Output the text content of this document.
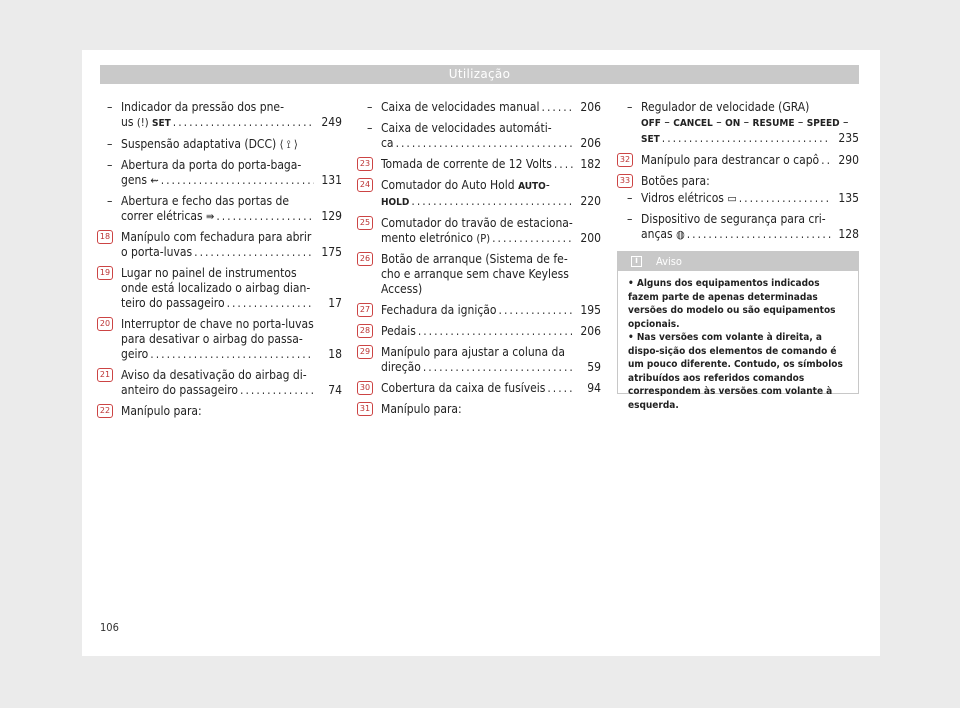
Utilização
– Indicador da pressão dos pne-
us (!) SET .....	249
– Suspensão adaptativa (DCC) ⟨ ⟟ ⟩
– Abertura da porta do porta-baga-
gens ⇜ .....	131
– Abertura e fecho das portas de
correr elétricas ⇛ .....	129
18 Manípulo com fechadura para abrir
o porta-luvas .....	175
19 Lugar no painel de instrumentos
onde está localizado o airbag dian-
teiro do passageiro .....	17
20 Interruptor de chave no porta-luvas
para desativar o airbag do passa-
geiro .....	18
21 Aviso da desativação do airbag di-
anteiro do passageiro .....	74
22 Manípulo para:
– Caixa de velocidades manual .....	206
– Caixa de velocidades automáti-
ca .....	206
23 Tomada de corrente de 12 Volts .....	182
24 Comutador do Auto Hold AUTO-
HOLD .....	220
25 Comutador do travão de estaciona-
mento eletrónico (P) .....	200
26 Botão de arranque (Sistema de fe-
cho e arranque sem chave Keyless
Access)
27 Fechadura da ignição .....	195
28 Pedais .....	206
29 Manípulo para ajustar a coluna da
direção .....	59
30 Cobertura da caixa de fusíveis .....	94
31 Manípulo para:
– Regulador de velocidade (GRA)
OFF – CANCEL – ON – RESUME – SPEED –
SET .....	235
32 Manípulo para destrancar o capô .....	290
33 Botões para:
– Vidros elétricos ▭ .....	135
– Dispositivo de segurança para cri-
anças ◍ .....	128
i	Aviso
• Alguns dos equipamentos indicados fazem parte de apenas determinadas versões do modelo ou são equipamentos opcionais.
• Nas versões com volante à direita, a dispo-sição dos elementos de comando é um pouco diferente. Contudo, os símbolos atribuídos aos referidos comandos correspondem às versões com volante à esquerda.
106
